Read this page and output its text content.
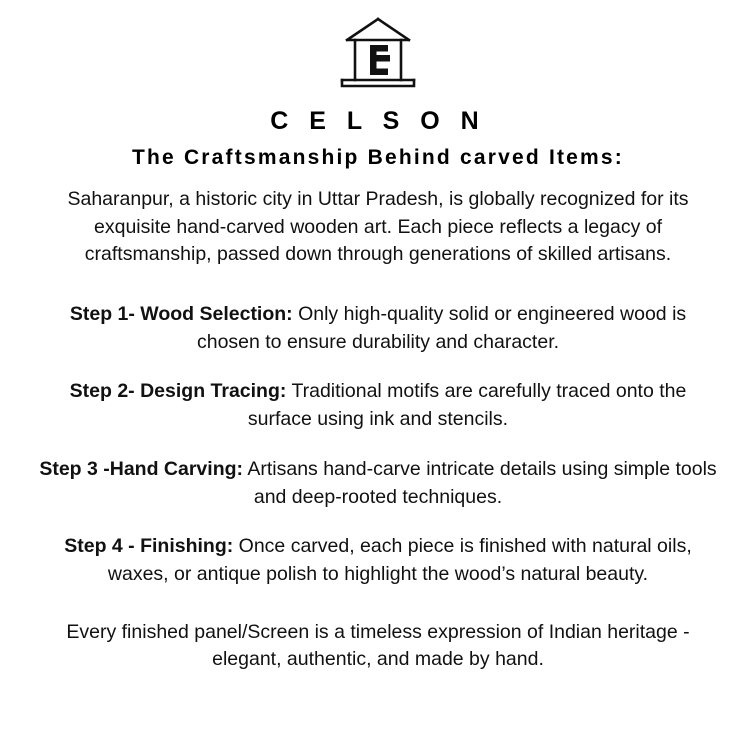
C E L S O N
The Craftsmanship Behind carved Items:

Saharanpur, a historic city in Uttar Pradesh, is globally recognized for its exquisite hand-carved wooden art. Each piece reflects a legacy of craftsmanship, passed down through generations of skilled artisans.

Step 1- Wood Selection: Only high-quality solid or engineered wood is chosen to ensure durability and character.

Step 2- Design Tracing: Traditional motifs are carefully traced onto the surface using ink and stencils.

Step 3 -Hand Carving: Artisans hand-carve intricate details using simple tools and deep-rooted techniques.

Step 4 - Finishing: Once carved, each piece is finished with natural oils, waxes, or antique polish to highlight the wood’s natural beauty.

Every finished panel/Screen is a timeless expression of Indian heritage - elegant, authentic, and made by hand.
